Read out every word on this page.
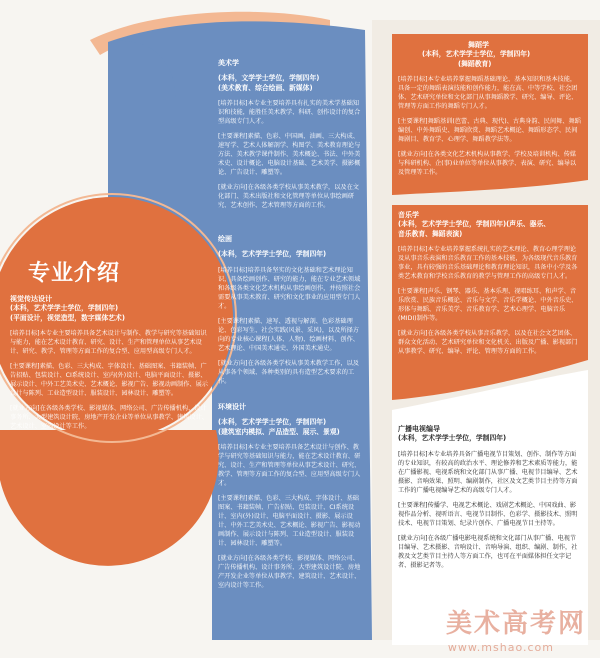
专业介绍

美术学

(本科，文学学士学位，学制四年)

(美术教育、综合绘画、新媒体)

[培养目标]本专业主要培养具有扎实的美术学基础知识和技能，能胜任美术教学、科研、创作设计的复合型高级专门人才。

[主要课程]素描、色彩、中国画、油画、三大构成、速写学、艺术人体解剖学、构图学、美术教育理论与方法、美术教学课件制作、美术概论、书法、中外美术史、设计概论、电脑设计基础、艺术美学、摄影概论、广告设计、雕塑等。

[就业方向]在各级各类学校从事美术教学，以及在文化部门、美术出版社和文化管理等单位从事绘画研究、艺术创作、艺术管理等方面的工作。

绘画

(本科，艺术学学士学位，学制四年)

[培养目标]培养具备坚实的文化基础和艺术理论知识，具备绘画创作、研究的能力，能在专业艺术领域和各级各类文化艺术机构从事绘画创作，并按照社会需要从事美术教育、研究和文化事业的应用型专门人才。

[主要课程]素描、速写、透视与解剖、色彩基础理论、色彩写生、社会实践(风景、采风)，以及所择方向的专业核心课程(人体、人物)、绘画材料、创作、艺术理论、中国美术通史、外国美术通史。

[就业方向]在各级各类学校从事美术教学工作，以及从事各个领域、各种类别的具有造型艺术要求的工作。

环境设计

(本科，艺术学学士学位，学制四年)

(建筑室内模拟、产品造型、展示、景观)

[培养目标]本专业主要培养具备艺术设计与创作、教学与研究等基础知识与能力，能在艺术设计教育、研究、设计、生产和管理等单位从事艺术设计、研究、教学、管理等方面工作的复合型、应用型高级专门人才。

[主要课程]素描、色彩、三大构成、字体设计、基础图案、书籍装帧、广告招贴、包装设计、CI系统设计、室内(外)设计、电脑平面设计、摄影、展示设计、中外工艺美术史、艺术概论、影视广告、影视动画制作、展示设计与陈列、工业造型设计、服装设计、园林设计、雕塑等。

[就业方向]在各级各类学校、影视媒体、网络公司、广告传播机构、设计事务所、大型建筑设计院、房地产开发企业等单位从事教学、建筑设计、艺术设计、室内设计等工作。

视觉传达设计

(本科，艺术学学士学位，学制四年)

(平面设计，视觉造型，数字媒体艺术)

[培养目标]本专业主要培养具备艺术设计与制作、教学与研究等基础知识与能力，能在艺术设计教育、研究、设计、生产和管理单位从事艺术设计、研究、教学、管理等方面工作的复合型、应用型高级专门人才。

[主要课程]素描、色彩、三大构成、字体设计、基础图案、书籍装帧、广告招贴、包装设计、CI系统设计、室内(外)设计、电脑平面设计、摄影、展示设计、中外工艺美术史、艺术概论、影视广告、影视动画制作、展示设计与陈列、工业造型设计、服装设计、园林设计、雕塑等。

[就业方向]在各级各类学校、影视媒体、网络公司、广告传播机构、设计事务所、大型建筑设计院、房地产开发企业等单位从事教学、建筑设计、艺术设计、室内设计等工作。

舞蹈学

(本科，艺术学学士学位，学制四年)

(舞蹈教育)

[培养目标]本专业培养掌握舞蹈基础理论、基本知识和基本技能，具备一定的舞蹈表演技能和创作能力，能在高、中等学校、社会团体、艺术研究单位和文化部门从事舞蹈教学、研究、编导、评论、管理等方面工作的舞蹈专门人才。

[主要课程]舞蹈基训(芭蕾、古典、现代)、古典身韵、民间舞、舞蹈编创、中外舞蹈史、舞蹈欣赏、舞蹈艺术概论、舞蹈形态学、民间舞剧目、教育学、心理学、舞蹈教学法等。

[就业方向]在各类文化艺术机构从事教学、学校及培训机构、传媒与科研机构、企(事)业单位等单位从事教学、表演、研究、编导以及管理等工作。

音乐学

(本科，艺术学学士学位，学制四年)(声乐、器乐、

音乐教育、舞蹈表演)

[培养目标]本专业培养掌握系统扎实的艺术理论、教育心理学理论及从事音乐表演和音乐教育工作的基本技能，为各级现代音乐教育事业，具有较强的音乐基础理论和教育理论知识，具备中小学及各类艺术教育和学校音乐教育的教学与管理工作的高级专门人才。

[主要课程]声乐、钢琴、器乐、基本乐理、视唱练耳、和声学、音乐欣赏、民族音乐概论、音乐与文学、音乐学概论、中外音乐史、形体与舞蹈、音乐美学、音乐教育学、艺术心理学、电脑音乐(MIDI)制作等。

[就业方向]在各级各类学校从事音乐教学，以及在社会文艺团体、群众文化活动、艺术研究单位和文化机关、出版及广播、影视部门从事教学、研究、编导、评论、管理等方面的工作。

广播电视编导

(本科，艺术学学士学位，学制四年)

[培养目标]本专业培养具备广播电视节目策划、创作、制作等方面的专业知识，有较高的政治水平、理论修养和艺术素质等能力，能在广播影视、电视系统和文化部门从事广播、电视节目编导、艺术摄影、音响效果、照明、编剧制作，社区及文艺类节目主持等方面工作的广播电视编导艺术的高级专门人才。

[主要课程]传播学、电视艺术概论、戏剧艺术概论、中国戏曲、影视作品分析、视听语言、电视节目制作、色彩学、摄影技术、照明技术、电视节目策划、纪录片创作、广播电视节目主持等。

[就业方向]在各级广播电影电视系统和文化部门从事广播、电视节目编导、艺术摄影、音响设计、音响导演、组织、编剧、制作，社教及文艺类节目主持人等方面工作，也可在平面媒体担任文字记者、摄影记者等。

美术高考网
www.mshao.com
